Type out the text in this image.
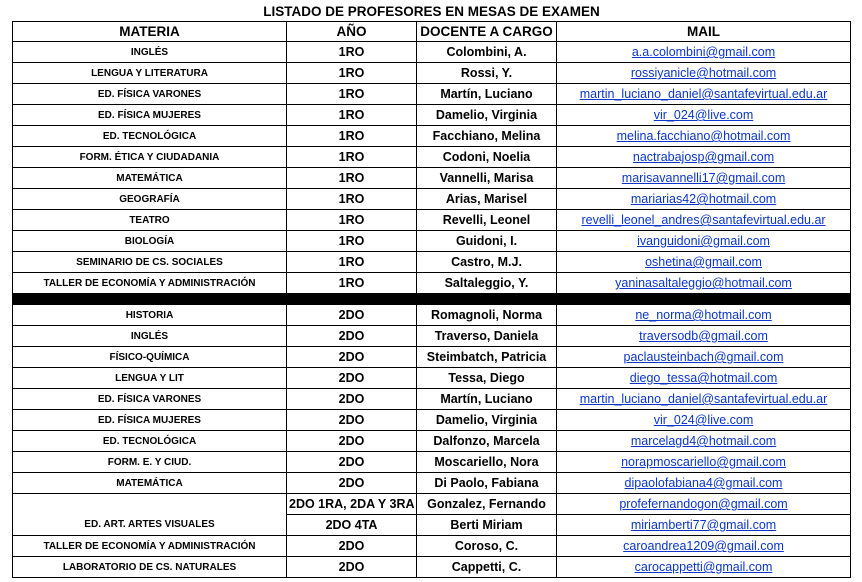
LISTADO DE PROFESORES EN MESAS DE EXAMEN			
MATERIA	AÑO	DOCENTE A CARGO	MAIL
INGLÉS	1RO	Colombini, A.	a.a.colombini@gmail.com
LENGUA Y LITERATURA	1RO	Rossi, Y.	rossiyanicle@hotmail.com
ED. FÍSICA VARONES	1RO	Martín, Luciano	martin_luciano_daniel@santafevirtual.edu.ar
ED. FÍSICA MUJERES	1RO	Damelio, Virginia	vir_024@live.com
ED. TECNOLÓGICA	1RO	Facchiano, Melina	melina.facchiano@hotmail.com
FORM. ÉTICA Y CIUDADANIA	1RO	Codoni, Noelia	nactrabajosp@gmail.com
MATEMÁTICA	1RO	Vannelli, Marisa	marisavannelli17@gmail.com
GEOGRAFÍA	1RO	Arias, Marisel	mariarias42@hotmail.com
TEATRO	1RO	Revelli, Leonel	revelli_leonel_andres@santafevirtual.edu.ar
BIOLOGÍA	1RO	Guidoni, I.	ivanguidoni@gmail.com
SEMINARIO DE CS. SOCIALES	1RO	Castro, M.J.	oshetina@gmail.com
TALLER DE ECONOMÍA Y ADMINISTRACIÓN	1RO	Saltaleggio, Y.	yaninasaltaleggio@hotmail.com

HISTORIA	2DO	Romagnoli, Norma	ne_norma@hotmail.com
INGLÉS	2DO	Traverso, Daniela	traversodb@gmail.com
FÍSICO-QUÍMICA	2DO	Steimbatch, Patricia	paclausteinbach@gmail.com
LENGUA Y LIT	2DO	Tessa, Diego	diego_tessa@hotmail.com
ED. FÍSICA VARONES	2DO	Martín, Luciano	martin_luciano_daniel@santafevirtual.edu.ar
ED. FÍSICA MUJERES	2DO	Damelio, Virginia	vir_024@live.com
ED. TECNOLÓGICA	2DO	Dalfonzo, Marcela	marcelagd4@hotmail.com
FORM. E. Y CIUD.	2DO	Moscariello, Nora	norapmoscariello@gmail.com
MATEMÁTICA	2DO	Di Paolo, Fabiana	dipaolofabiana4@gmail.com
	2DO 1RA, 2DA Y 3RA	Gonzalez, Fernando	profefernandogon@gmail.com
ED. ART. ARTES VISUALES	2DO 4TA	Berti Miriam	miriamberti77@gmail.com
TALLER DE ECONOMÍA Y ADMINISTRACIÓN	2DO	Coroso, C.	caroandrea1209@gmail.com
LABORATORIO DE CS. NATURALES	2DO	Cappetti, C.	carocappetti@gmail.com
